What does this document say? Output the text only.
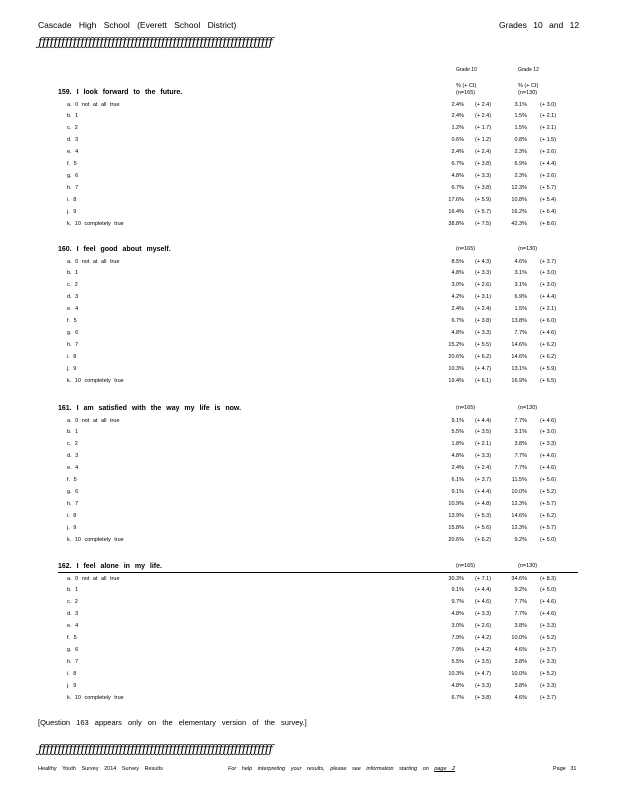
Cascade High School (Everett School District)	Grades 10 and 12
ƒƒƒƒƒƒƒƒƒƒƒƒƒƒƒƒƒƒƒƒƒƒƒƒƒƒƒƒƒƒƒƒƒƒƒƒƒƒƒƒƒƒƒƒƒƒƒƒƒƒƒƒƒƒƒƒƒƒƒƒƒ
Grade 10	Grade 12
159. I look forward to the future.
% (+ CI)	% (+ CI)
(n=165)	(n=130)
a. 0 not at all true	2.4% (+ 2.4)	3.1% (+ 3.0)
b. 1	2.4% (+ 2.4)	1.5% (+ 2.1)
c. 2	1.2% (+ 1.7)	1.5% (+ 2.1)
d. 3	0.6% (+ 1.2)	0.8% (+ 1.5)
e. 4	2.4% (+ 2.4)	2.3% (+ 2.6)
f. 5	6.7% (+ 3.8)	6.9% (+ 4.4)
g. 6	4.8% (+ 3.3)	2.3% (+ 2.6)
h. 7	6.7% (+ 3.8)	12.3% (+ 5.7)
i. 8	17.6% (+ 5.9)	10.8% (+ 5.4)
j. 9	16.4% (+ 5.7)	16.2% (+ 6.4)
k. 10 completely true	38.8% (+ 7.5)	42.3% (+ 8.6)
160. I feel good about myself.	(n=165)	(n=130)
a. 0 not at all true	8.5% (+ 4.3)	4.6% (+ 3.7)
b. 1	4.8% (+ 3.3)	3.1% (+ 3.0)
c. 2	3.0% (+ 2.6)	3.1% (+ 3.0)
d. 3	4.2% (+ 3.1)	6.9% (+ 4.4)
e. 4	2.4% (+ 2.4)	1.5% (+ 2.1)
f. 5	6.7% (+ 3.8)	13.8% (+ 6.0)
g. 6	4.8% (+ 3.3)	7.7% (+ 4.6)
h. 7	15.2% (+ 5.5)	14.6% (+ 6.2)
i. 8	20.6% (+ 6.2)	14.6% (+ 6.2)
j. 9	10.3% (+ 4.7)	13.1% (+ 5.9)
k. 10 completely true	19.4% (+ 6.1)	16.9% (+ 6.5)
161. I am satisfied with the way my life is now.	(n=165)	(n=130)
a. 0 not at all true	9.1% (+ 4.4)	7.7% (+ 4.6)
b. 1	5.5% (+ 3.5)	3.1% (+ 3.0)
c. 2	1.8% (+ 2.1)	3.8% (+ 3.3)
d. 3	4.8% (+ 3.3)	7.7% (+ 4.6)
e. 4	2.4% (+ 2.4)	7.7% (+ 4.6)
f. 5	6.1% (+ 3.7)	11.5% (+ 5.6)
g. 6	9.1% (+ 4.4)	10.0% (+ 5.2)
h. 7	10.9% (+ 4.8)	12.3% (+ 5.7)
i. 8	13.9% (+ 5.3)	14.6% (+ 6.2)
j. 9	15.8% (+ 5.6)	12.3% (+ 5.7)
k. 10 completely true	20.6% (+ 6.2)	9.2% (+ 5.0)
162. I feel alone in my life.	(n=165)	(n=130)
a. 0 not at all true	30.3% (+ 7.1)	34.6% (+ 8.3)
b. 1	9.1% (+ 4.4)	9.2% (+ 5.0)
c. 2	9.7% (+ 4.6)	7.7% (+ 4.6)
d. 3	4.8% (+ 3.3)	7.7% (+ 4.6)
e. 4	3.0% (+ 2.6)	3.8% (+ 3.3)
f. 5	7.9% (+ 4.2)	10.0% (+ 5.2)
g. 6	7.9% (+ 4.2)	4.6% (+ 3.7)
h. 7	5.5% (+ 3.5)	3.8% (+ 3.3)
i. 8	10.3% (+ 4.7)	10.0% (+ 5.2)
j. 9	4.8% (+ 3.3)	3.8% (+ 3.3)
k. 10 completely true	6.7% (+ 3.8)	4.6% (+ 3.7)
[Question 163 appears only on the elementary version of the survey.]
ƒƒƒƒƒƒƒƒƒƒƒƒƒƒƒƒƒƒƒƒƒƒƒƒƒƒƒƒƒƒƒƒƒƒƒƒƒƒƒƒƒƒƒƒƒƒƒƒƒƒƒƒƒƒƒƒƒƒƒƒƒ
Healthy Youth Survey 2014 Survey Results	For help interpreting your results, please see information starting on page 2	Page 31
